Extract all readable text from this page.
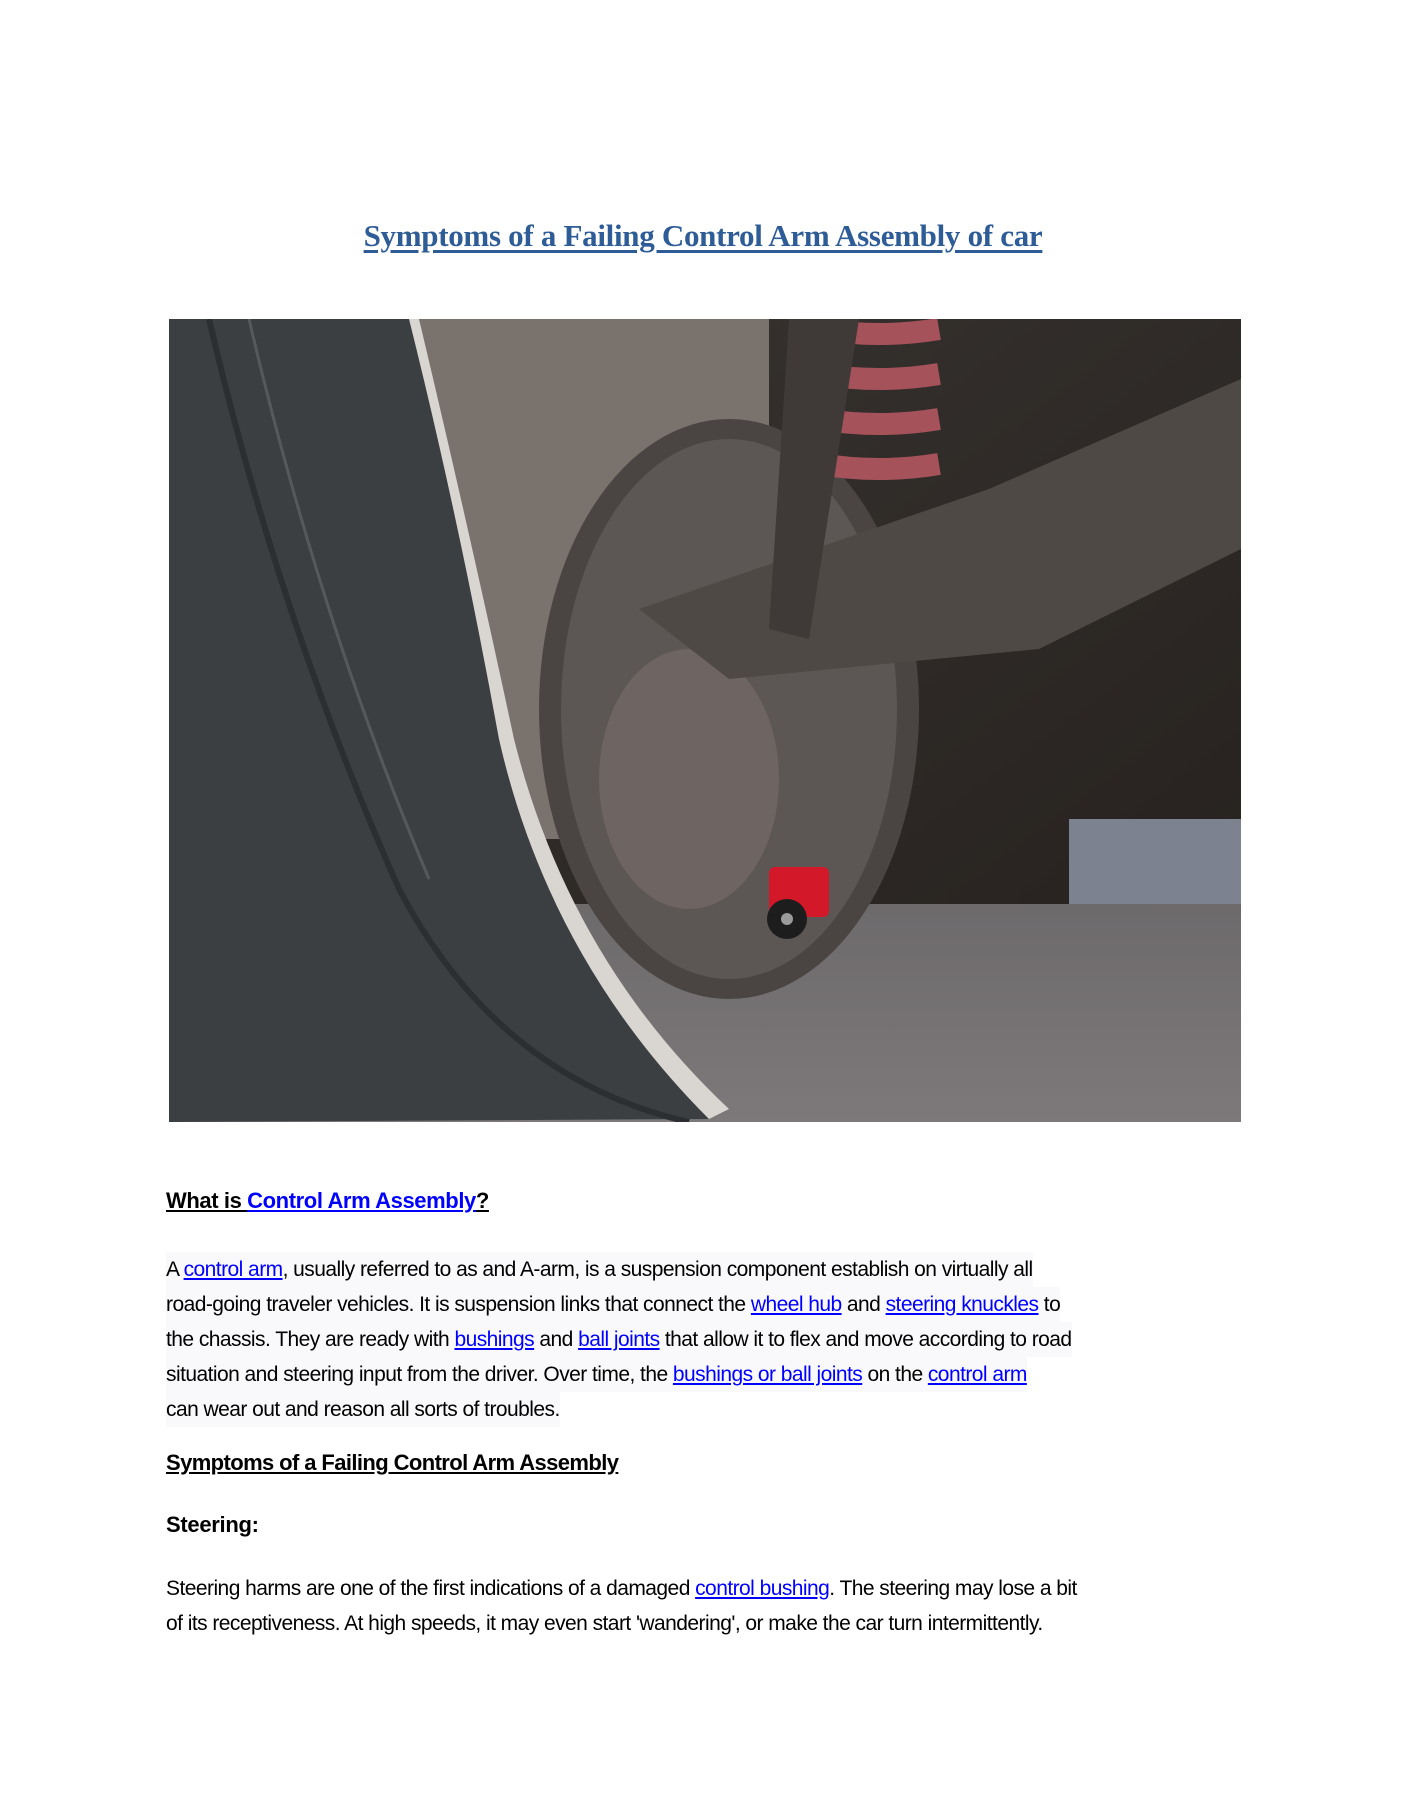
Symptoms of a Failing Control Arm Assembly of car
What is Control Arm Assembly?
A control arm, usually referred to as and A-arm, is a suspension component establish on virtually all
road-going traveler vehicles. It is suspension links that connect the wheel hub and steering knuckles to
the chassis. They are ready with bushings and ball joints that allow it to flex and move according to road
situation and steering input from the driver. Over time, the bushings or ball joints on the control arm
can wear out and reason all sorts of troubles.
Symptoms of a Failing Control Arm Assembly
Steering:
Steering harms are one of the first indications of a damaged control bushing. The steering may lose a bit
of its receptiveness. At high speeds, it may even start 'wandering', or make the car turn intermittently.
